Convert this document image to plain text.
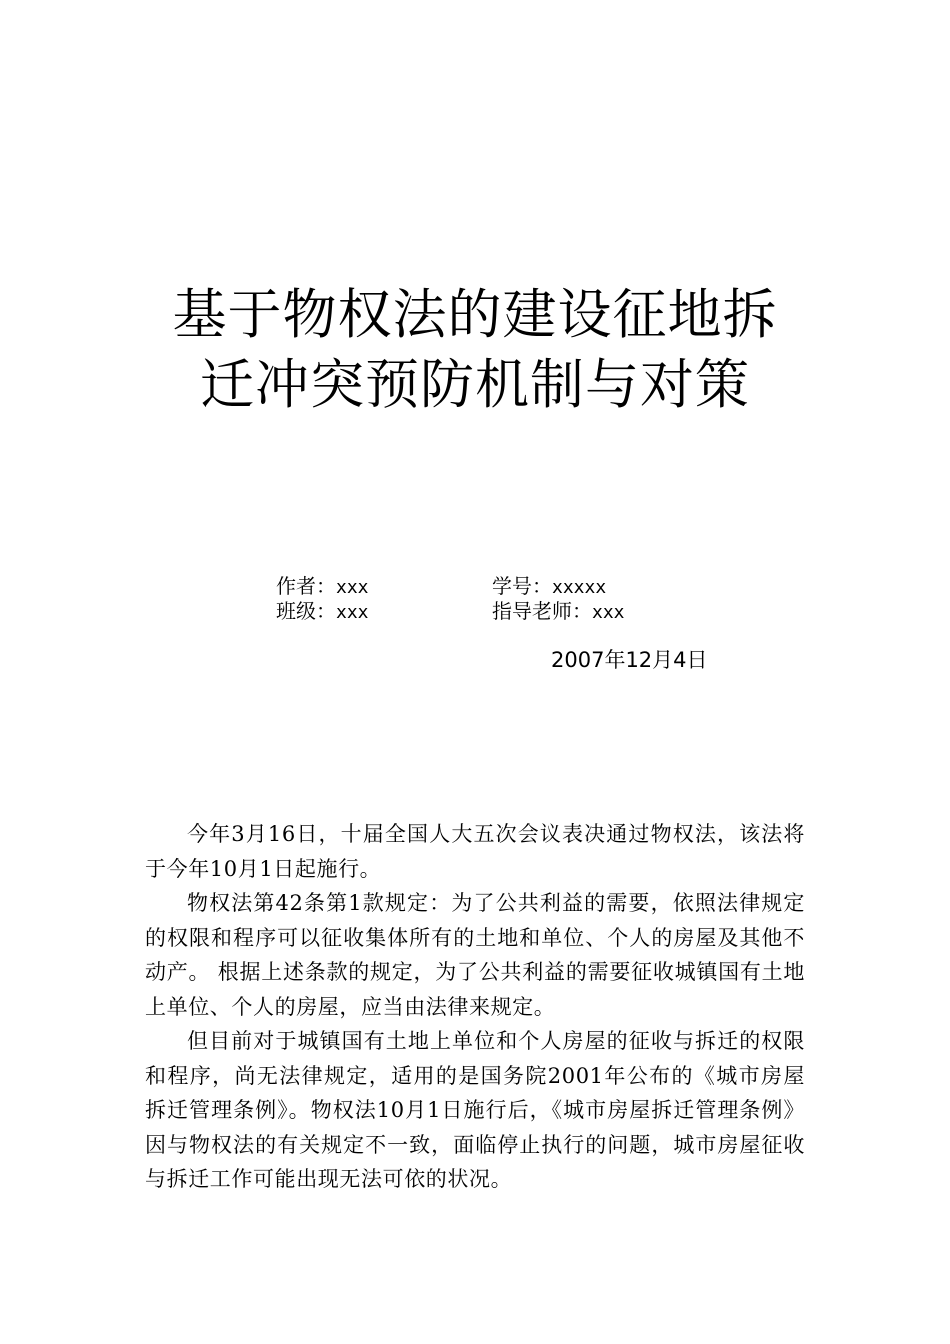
基于物权法的建设征地拆
迁冲突预防机制与对策
作者：xxx	学号：xxxxx
班级：xxx	指导老师：xxx
2007年12月4日

今年3月16日，十届全国人大五次会议表决通过物权法，该法将于今年10月1日起施行。

物权法第42条第1款规定：为了公共利益的需要，依照法律规定的权限和程序可以征收集体所有的土地和单位、个人的房屋及其他不动产。 根据上述条款的规定，为了公共利益的需要征收城镇国有土地上单位、个人的房屋，应当由法律来规定。

但目前对于城镇国有土地上单位和个人房屋的征收与拆迁的权限和程序，尚无法律规定，适用的是国务院2001年公布的《城市房屋拆迁管理条例》。物权法10月1日施行后，《城市房屋拆迁管理条例》因与物权法的有关规定不一致，面临停止执行的问题，城市房屋征收与拆迁工作可能出现无法可依的状况。
